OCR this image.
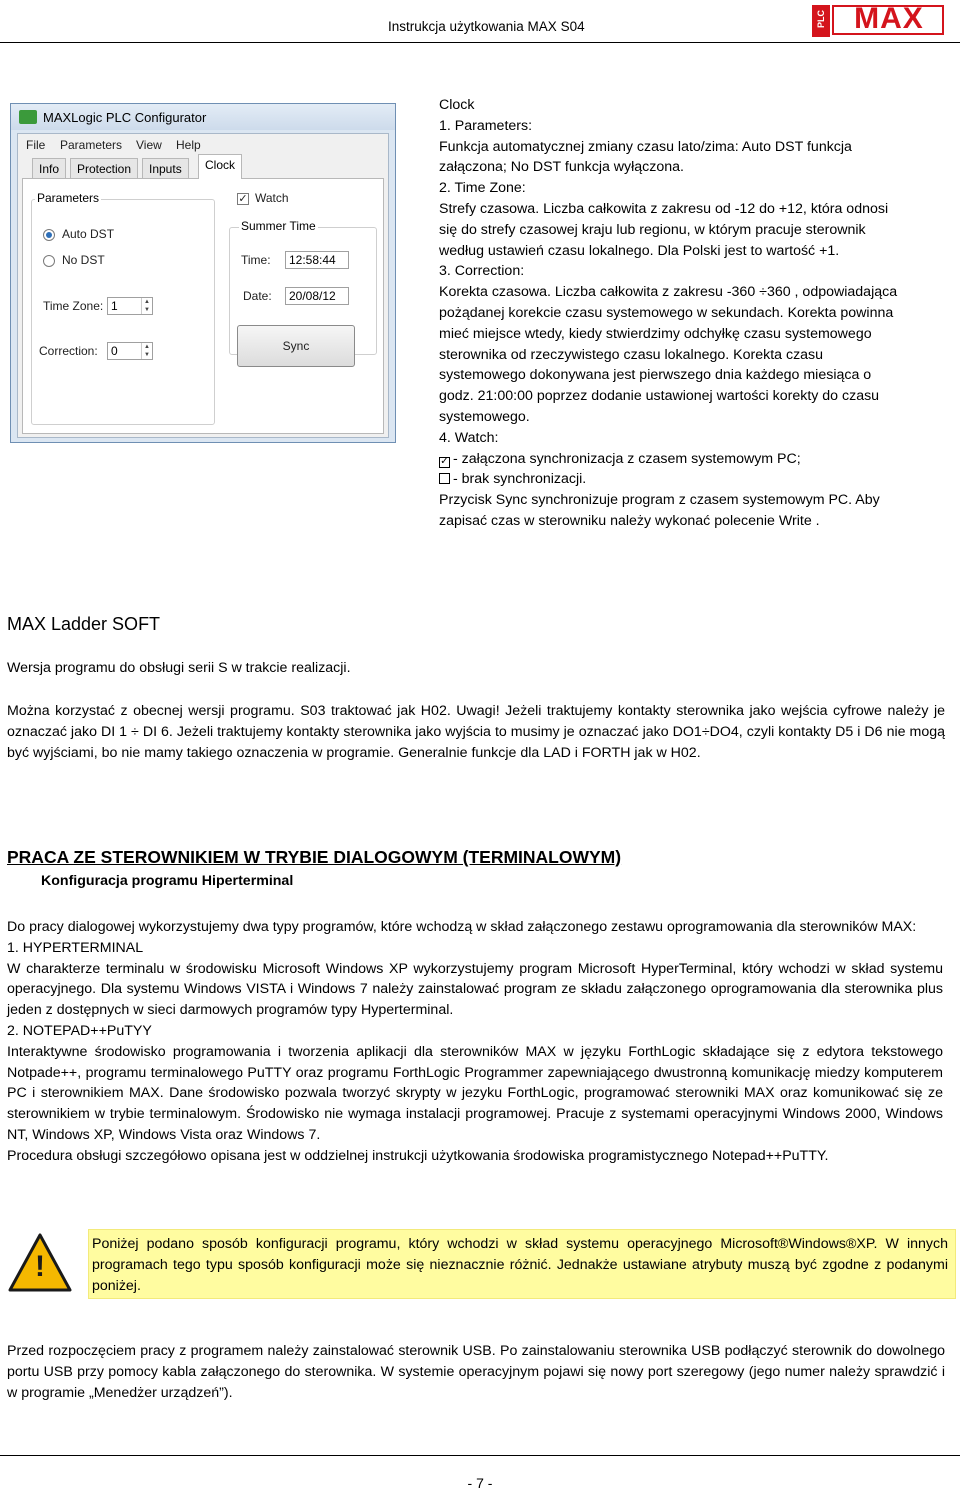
Instrukcja użytkowania MAX S04	PLC MAX
MAXLogic PLC Configurator
File Parameters View Help
Info	Protection	Inputs	Clock
Parameters
Auto DST
No DST
Time Zone: 1	▲
▼
Correction:	0	▲
▼
✓ Watch
Summer Time
Time:	12:58:44
Date:	20/08/12
Sync
Clock
1. Parameters:
Funkcja automatycznej zmiany czasu lato/zima: Auto DST funkcja
załączona; No DST funkcja wyłączona.
2. Time Zone:
Strefy czasowa. Liczba całkowita z zakresu od -12 do +12, która odnosi
się do strefy czasowej kraju lub regionu, w którym pracuje sterownik
według ustawień czasu lokalnego. Dla Polski jest to wartość +1.
3. Correction:
Korekta czasowa. Liczba całkowita z zakresu -360 ÷360 , odpowiadająca
pożądanej korekcie czasu systemowego w sekundach. Korekta powinna
mieć miejsce wtedy, kiedy stwierdzimy odchyłkę czasu systemowego
sterownika od rzeczywistego czasu lokalnego. Korekta czasu
systemowego dokonywana jest pierwszego dnia każdego miesiąca o
godz. 21:00:00 poprzez dodanie ustawionej wartości korekty do czasu
systemowego.
4. Watch:
✓ - załączona synchronizacja z czasem systemowym PC;
- brak synchronizacji.
Przycisk Sync synchronizuje program z czasem systemowym PC. Aby
zapisać czas w sterowniku należy wykonać polecenie Write .
MAX Ladder SOFT
Wersja programu do obsługi serii S w trakcie realizacji.
Można korzystać z obecnej wersji programu. S03 traktować jak H02. Uwagi! Jeżeli traktujemy kontakty sterownika jako wejścia cyfrowe należy je oznaczać jako DI 1 ÷ DI 6. Jeżeli traktujemy kontakty sterownika jako wyjścia to musimy je oznaczać jako DO1÷DO4, czyli kontakty D5 i D6 nie mogą być wyjściami, bo nie mamy takiego oznaczenia w programie. Generalnie funkcje dla LAD i FORTH jak w H02.
PRACA ZE STEROWNIKIEM W TRYBIE DIALOGOWYM (TERMINALOWYM)
Konfiguracja programu Hiperterminal
Do pracy dialogowej wykorzystujemy dwa typy programów, które wchodzą w skład załączonego zestawu oprogramowania dla sterowników MAX:
1. HYPERTERMINAL
W charakterze terminalu w środowisku Microsoft Windows XP wykorzystujemy program Microsoft HyperTerminal, który wchodzi w skład systemu operacyjnego. Dla systemu Windows VISTA i Windows 7 należy zainstalować program ze składu załączonego oprogramowania dla sterownika plus jeden z dostępnych w sieci darmowych programów typy Hyperterminal.
2. NOTEPAD++PuTYY
Interaktywne środowisko programowania i tworzenia aplikacji dla sterowników MAX w języku ForthLogic składające się z edytora tekstowego Notpade++, programu terminalowego PuTTY oraz programu ForthLogic Programmer zapewniającego dwustronną komunikację miedzy komputerem PC i sterownikiem MAX. Dane środowisko pozwala tworzyć skrypty w jezyku ForthLogic, programować sterowniki MAX oraz komunikować się ze sterownikiem w trybie terminalowym. Środowisko nie wymaga instalacji programowej. Pracuje z systemami operacyjnymi Windows 2000, Windows NT, Windows XP, Windows Vista oraz Windows 7.
Procedura obsługi szczegółowo opisana jest w oddzielnej instrukcji użytkowania środowiska programistycznego Notepad++PuTTY.
!
Poniżej podano sposób konfiguracji programu, który wchodzi w skład systemu operacyjnego Microsoft®Windows®XP. W innych programach tego typu sposób konfiguracji może się nieznacznie różnić. Jednakże ustawiane atrybuty muszą być zgodne z podanymi poniżej.
Przed rozpoczęciem pracy z programem należy zainstalować sterownik USB. Po zainstalowaniu sterownika USB podłączyć sterownik do dowolnego portu USB przy pomocy kabla załączonego do sterownika. W systemie operacyjnym pojawi się nowy port szeregowy (jego numer należy sprawdzić i w programie „Menedżer urządzeń”).
- 7 -
